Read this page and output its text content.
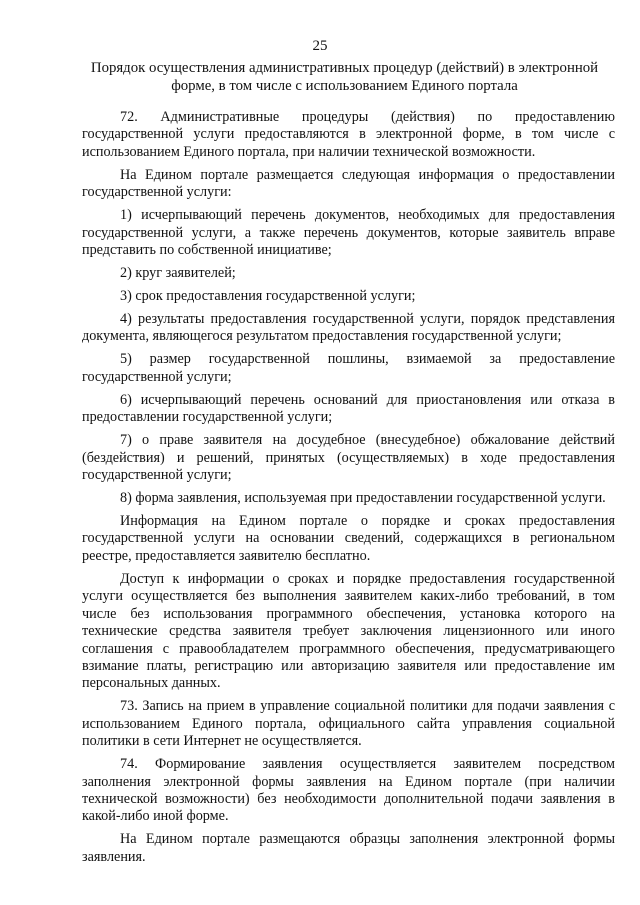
25
Порядок осуществления административных процедур (действий) в электронной форме, в том числе с использованием Единого портала

72. Административные процедуры (действия) по предоставлению государственной услуги предоставляются в электронной форме, в том числе с использованием Единого портала, при наличии технической возможности.

На Едином портале размещается следующая информация о предоставлении государственной услуги:

1) исчерпывающий перечень документов, необходимых для предоставления государственной услуги, а также перечень документов, которые заявитель вправе представить по собственной инициативе;

2) круг заявителей;

3) срок предоставления государственной услуги;

4) результаты предоставления государственной услуги, порядок представления документа, являющегося результатом предоставления государственной услуги;

5) размер государственной пошлины, взимаемой за предоставление государственной услуги;

6) исчерпывающий перечень оснований для приостановления или отказа в предоставлении государственной услуги;

7) о праве заявителя на досудебное (внесудебное) обжалование действий (бездействия) и решений, принятых (осуществляемых) в ходе предоставления государственной услуги;

8) форма заявления, используемая при предоставлении государственной услуги.

Информация на Едином портале о порядке и сроках предоставления государственной услуги на основании сведений, содержащихся в региональном реестре, предоставляется заявителю бесплатно.

Доступ к информации о сроках и порядке предоставления государственной услуги осуществляется без выполнения заявителем каких-либо требований, в том числе без использования программного обеспечения, установка которого на технические средства заявителя требует заключения лицензионного или иного соглашения с правообладателем программного обеспечения, предусматривающего взимание платы, регистрацию или авторизацию заявителя или предоставление им персональных данных.

73. Запись на прием в управление социальной политики для подачи заявления с использованием Единого портала, официального сайта управления социальной политики в сети Интернет не осуществляется.

74. Формирование заявления осуществляется заявителем посредством заполнения электронной формы заявления на Едином портале (при наличии технической возможности) без необходимости дополнительной подачи заявления в какой-либо иной форме.

На Едином портале размещаются образцы заполнения электронной формы заявления.
